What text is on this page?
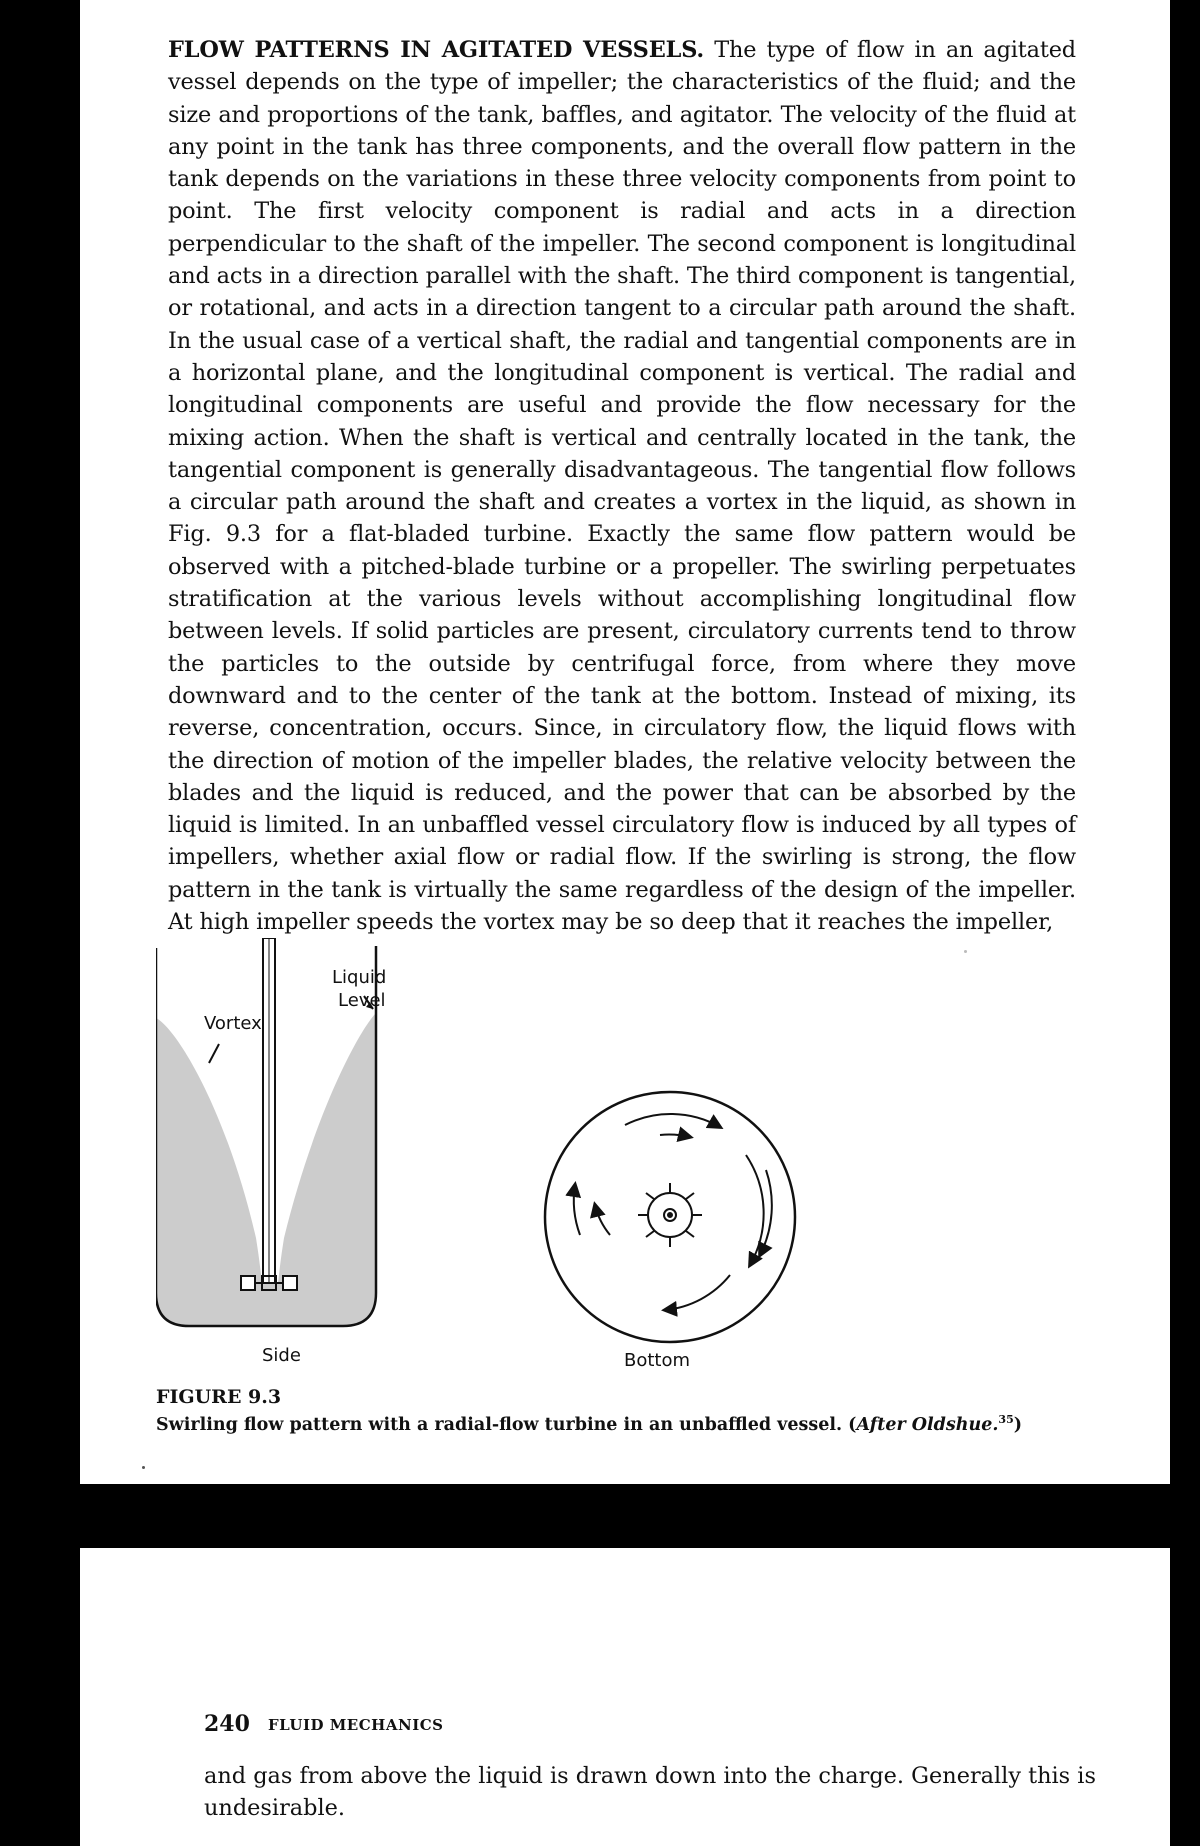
FLOW PATTERNS IN AGITATED VESSELS. The type of flow in an agitated vessel depends on the type of impeller; the characteristics of the fluid; and the size and proportions of the tank, baffles, and agitator. The velocity of the fluid at any point in the tank has three components, and the overall flow pattern in the tank depends on the variations in these three velocity components from point to point. The first velocity component is radial and acts in a direction perpendicular to the shaft of the impeller. The second component is longitudinal and acts in a direction parallel with the shaft. The third component is tangential, or rotational, and acts in a direction tangent to a circular path around the shaft. In the usual case of a vertical shaft, the radial and tangential components are in a horizontal plane, and the longitudinal component is vertical. The radial and longitudinal components are useful and provide the flow necessary for the mixing action. When the shaft is vertical and centrally located in the tank, the tangential component is generally disadvantageous. The tangential flow follows a circular path around the shaft and creates a vortex in the liquid, as shown in Fig. 9.3 for a flat-bladed turbine. Exactly the same flow pattern would be observed with a pitched-blade turbine or a propeller. The swirling perpetuates stratification at the various levels without accomplishing longitudinal flow between levels. If solid particles are present, circulatory currents tend to throw the particles to the outside by centrifugal force, from where they move downward and to the center of the tank at the bottom. Instead of mixing, its reverse, concentration, occurs. Since, in circulatory flow, the liquid flows with the direction of motion of the impeller blades, the relative velocity between the blades and the liquid is reduced, and the power that can be absorbed by the liquid is limited. In an unbaffled vessel circulatory flow is induced by all types of impellers, whether axial flow or radial flow. If the swirling is strong, the flow pattern in the tank is virtually the same regardless of the design of the impeller. At high impeller speeds the vortex may be so deep that it reaches the impeller,

Liquid
Level
Vortex
Side	Bottom
FIGURE 9.3
Swirling flow pattern with a radial-flow turbine in an unbaffled vessel. (After Oldshue.$^{35}$)
240 FLUID MECHANICS

and gas from above the liquid is drawn down into the charge. Generally this is undesirable.
